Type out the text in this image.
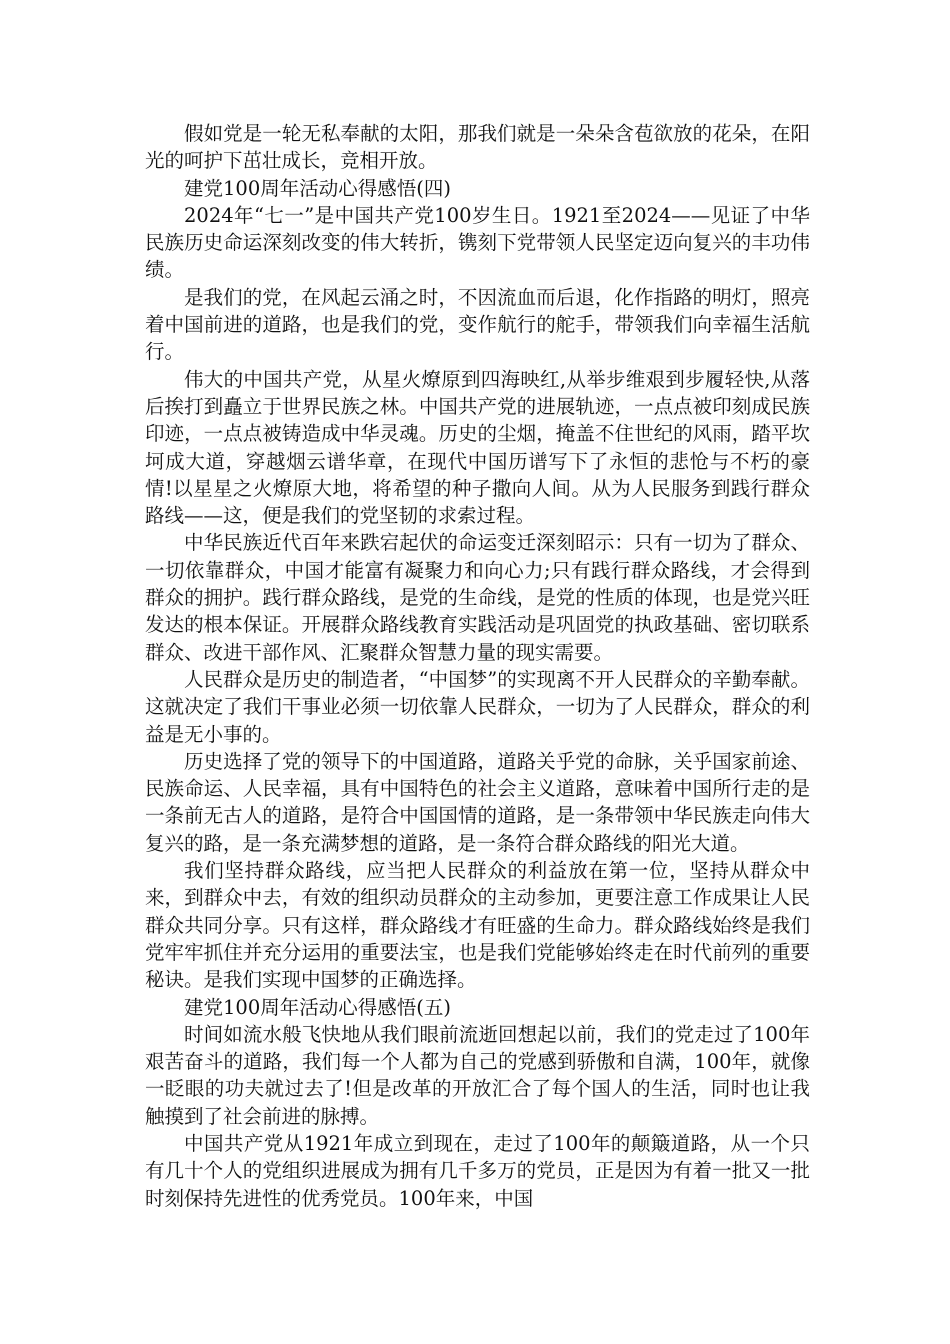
假如党是一轮无私奉献的太阳，那我们就是一朵朵含苞欲放的花朵，在阳光的呵护下茁壮成长，竞相开放。

建党100周年活动心得感悟(四)

2024年“七一”是中国共产党100岁生日。1921至2024——见证了中华民族历史命运深刻改变的伟大转折，镌刻下党带领人民坚定迈向复兴的丰功伟绩。

是我们的党，在风起云涌之时，不因流血而后退，化作指路的明灯，照亮着中国前进的道路，也是我们的党，变作航行的舵手，带领我们向幸福生活航行。

伟大的中国共产党，从星火燎原到四海映红,从举步维艰到步履轻快,从落后挨打到矗立于世界民族之林。中国共产党的进展轨迹，一点点被印刻成民族印迹，一点点被铸造成中华灵魂。历史的尘烟，掩盖不住世纪的风雨，踏平坎坷成大道，穿越烟云谱华章，在现代中国历谱写下了永恒的悲怆与不朽的豪情!以星星之火燎原大地，将希望的种子撒向人间。从为人民服务到践行群众路线——这，便是我们的党坚韧的求索过程。

中华民族近代百年来跌宕起伏的命运变迁深刻昭示：只有一切为了群众、一切依靠群众，中国才能富有凝聚力和向心力;只有践行群众路线，才会得到群众的拥护。践行群众路线，是党的生命线，是党的性质的体现，也是党兴旺发达的根本保证。开展群众路线教育实践活动是巩固党的执政基础、密切联系群众、改进干部作风、汇聚群众智慧力量的现实需要。

人民群众是历史的制造者，“中国梦”的实现离不开人民群众的辛勤奉献。这就决定了我们干事业必须一切依靠人民群众，一切为了人民群众，群众的利益是无小事的。

历史选择了党的领导下的中国道路，道路关乎党的命脉，关乎国家前途、民族命运、人民幸福，具有中国特色的社会主义道路，意味着中国所行走的是一条前无古人的道路，是符合中国国情的道路，是一条带领中华民族走向伟大复兴的路，是一条充满梦想的道路，是一条符合群众路线的阳光大道。

我们坚持群众路线，应当把人民群众的利益放在第一位，坚持从群众中来，到群众中去，有效的组织动员群众的主动参加，更要注意工作成果让人民群众共同分享。只有这样，群众路线才有旺盛的生命力。群众路线始终是我们党牢牢抓住并充分运用的重要法宝，也是我们党能够始终走在时代前列的重要秘诀。是我们实现中国梦的正确选择。

建党100周年活动心得感悟(五)

时间如流水般飞快地从我们眼前流逝回想起以前，我们的党走过了100年艰苦奋斗的道路，我们每一个人都为自己的党感到骄傲和自满，100年，就像一眨眼的功夫就过去了!但是改革的开放汇合了每个国人的生活，同时也让我触摸到了社会前进的脉搏。

中国共产党从1921年成立到现在，走过了100年的颠簸道路，从一个只有几十个人的党组织进展成为拥有几千多万的党员，正是因为有着一批又一批时刻保持先进性的优秀党员。100年来，中国
